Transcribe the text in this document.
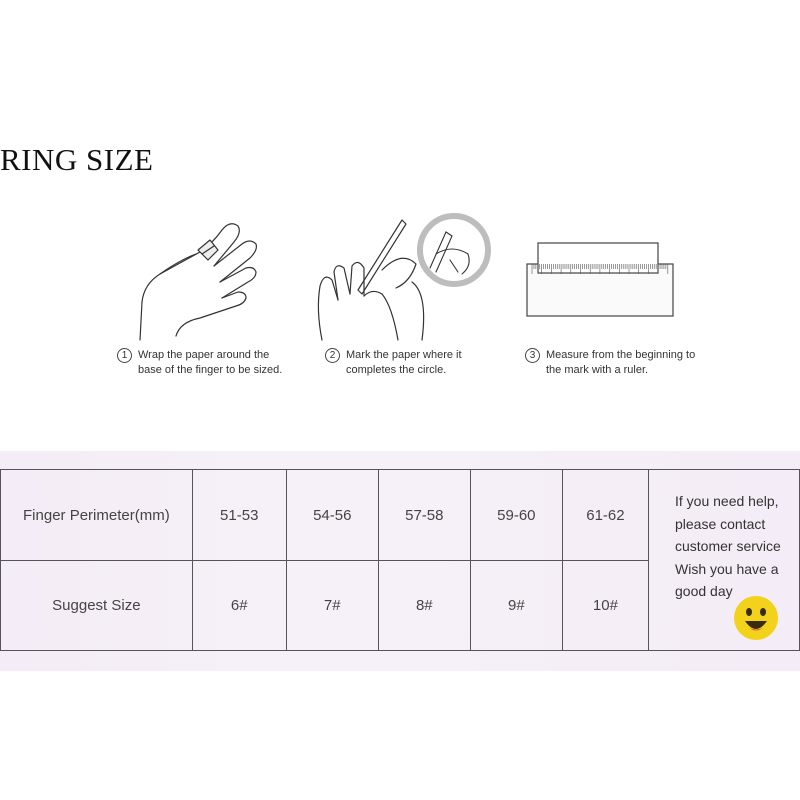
RING SIZE
1 Wrap the paper around the
base of the finger to be sized.
2 Mark the paper where it
completes the circle.
3 Measure from the beginning to
the mark with a ruler.
Finger Perimeter(mm)	51-53	54-56	57-58	59-60	61-62	If you need help,
please contact
customer service
Wish you have a
good day

Suggest Size	6#	7#	8#	9#	10#	
